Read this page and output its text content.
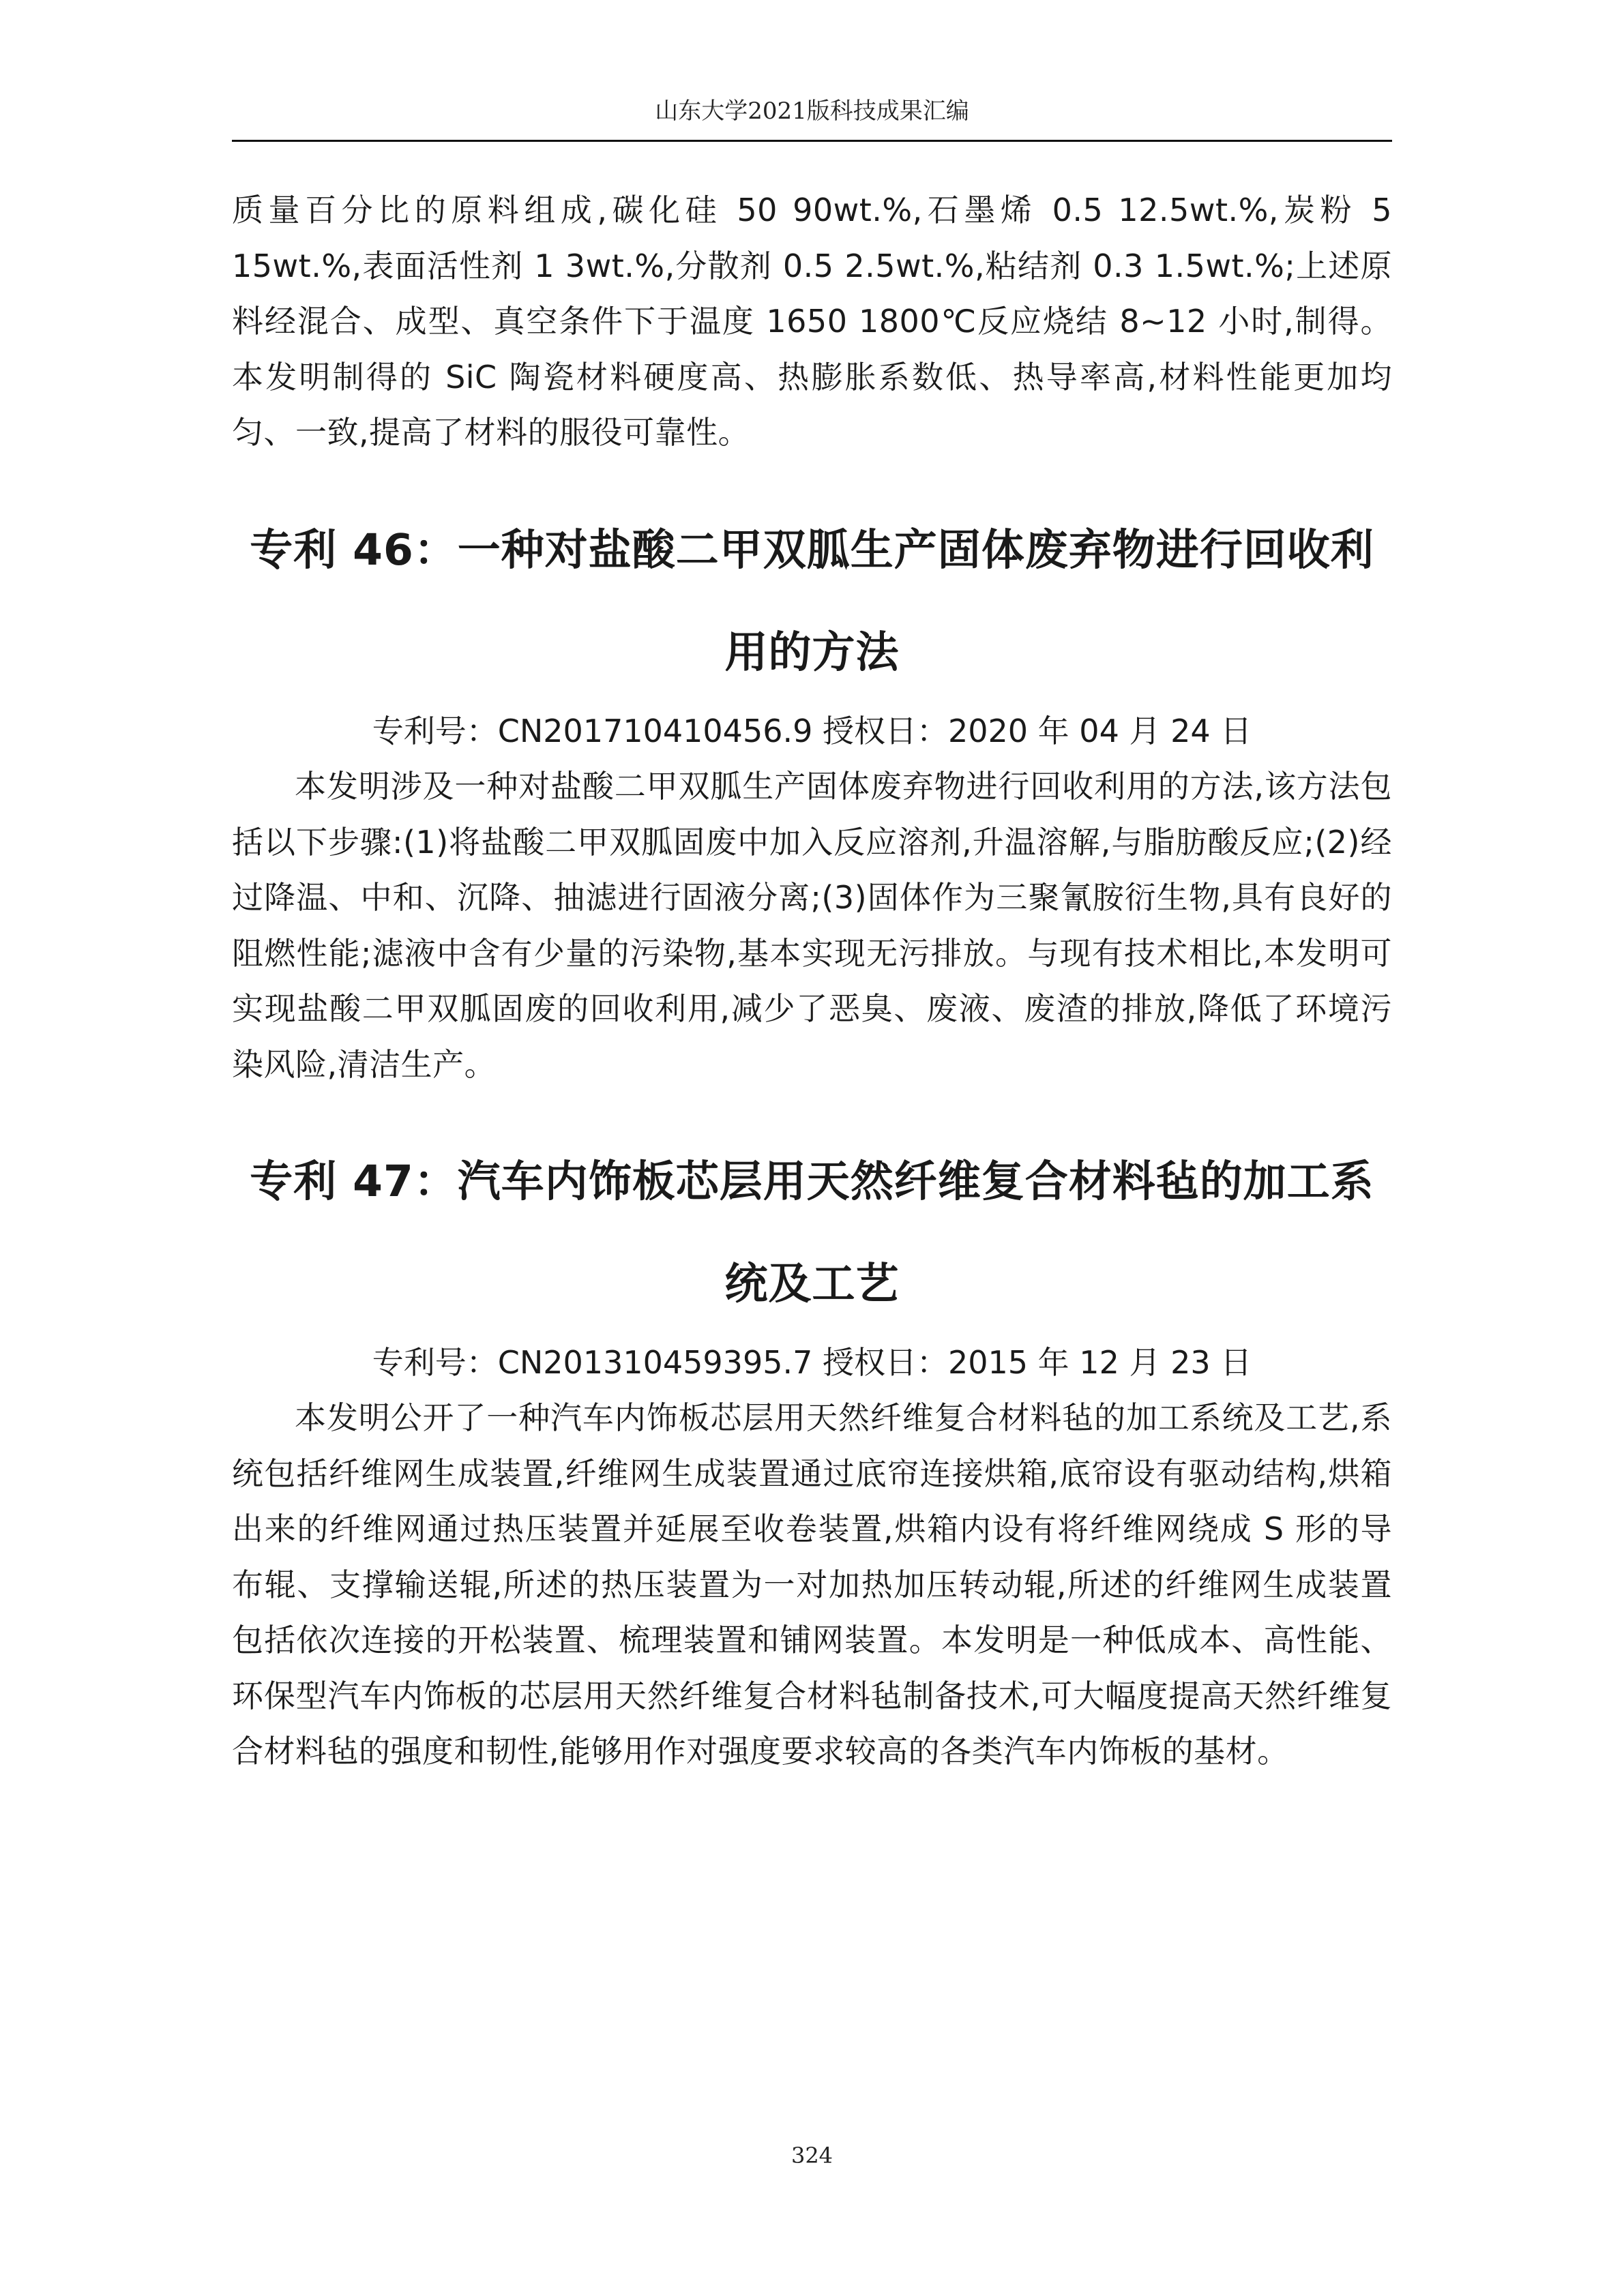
山东大学2021版科技成果汇编

质量百分比的原料组成,碳化硅 50 90wt.%,石墨烯 0.5 12.5wt.%,炭粉 5 15wt.%,表面活性剂 1 3wt.%,分散剂 0.5 2.5wt.%,粘结剂 0.3 1.5wt.%;上述原料经混合、成型、真空条件下于温度 1650 1800℃反应烧结 8~12 小时,制得。本发明制得的 SiC 陶瓷材料硬度高、热膨胀系数低、热导率高,材料性能更加均匀、一致,提高了材料的服役可靠性。

专利 46：一种对盐酸二甲双胍生产固体废弃物进行回收利用的方法
专利号：CN201710410456.9 授权日：2020 年 04 月 24 日

本发明涉及一种对盐酸二甲双胍生产固体废弃物进行回收利用的方法,该方法包括以下步骤:(1)将盐酸二甲双胍固废中加入反应溶剂,升温溶解,与脂肪酸反应;(2)经过降温、中和、沉降、抽滤进行固液分离;(3)固体作为三聚氰胺衍生物,具有良好的阻燃性能;滤液中含有少量的污染物,基本实现无污排放。与现有技术相比,本发明可实现盐酸二甲双胍固废的回收利用,减少了恶臭、废液、废渣的排放,降低了环境污染风险,清洁生产。

专利 47：汽车内饰板芯层用天然纤维复合材料毡的加工系统及工艺
专利号：CN201310459395.7 授权日：2015 年 12 月 23 日

本发明公开了一种汽车内饰板芯层用天然纤维复合材料毡的加工系统及工艺,系统包括纤维网生成装置,纤维网生成装置通过底帘连接烘箱,底帘设有驱动结构,烘箱出来的纤维网通过热压装置并延展至收卷装置,烘箱内设有将纤维网绕成 S 形的导布辊、支撑输送辊,所述的热压装置为一对加热加压转动辊,所述的纤维网生成装置包括依次连接的开松装置、梳理装置和铺网装置。本发明是一种低成本、高性能、环保型汽车内饰板的芯层用天然纤维复合材料毡制备技术,可大幅度提高天然纤维复合材料毡的强度和韧性,能够用作对强度要求较高的各类汽车内饰板的基材。

324
